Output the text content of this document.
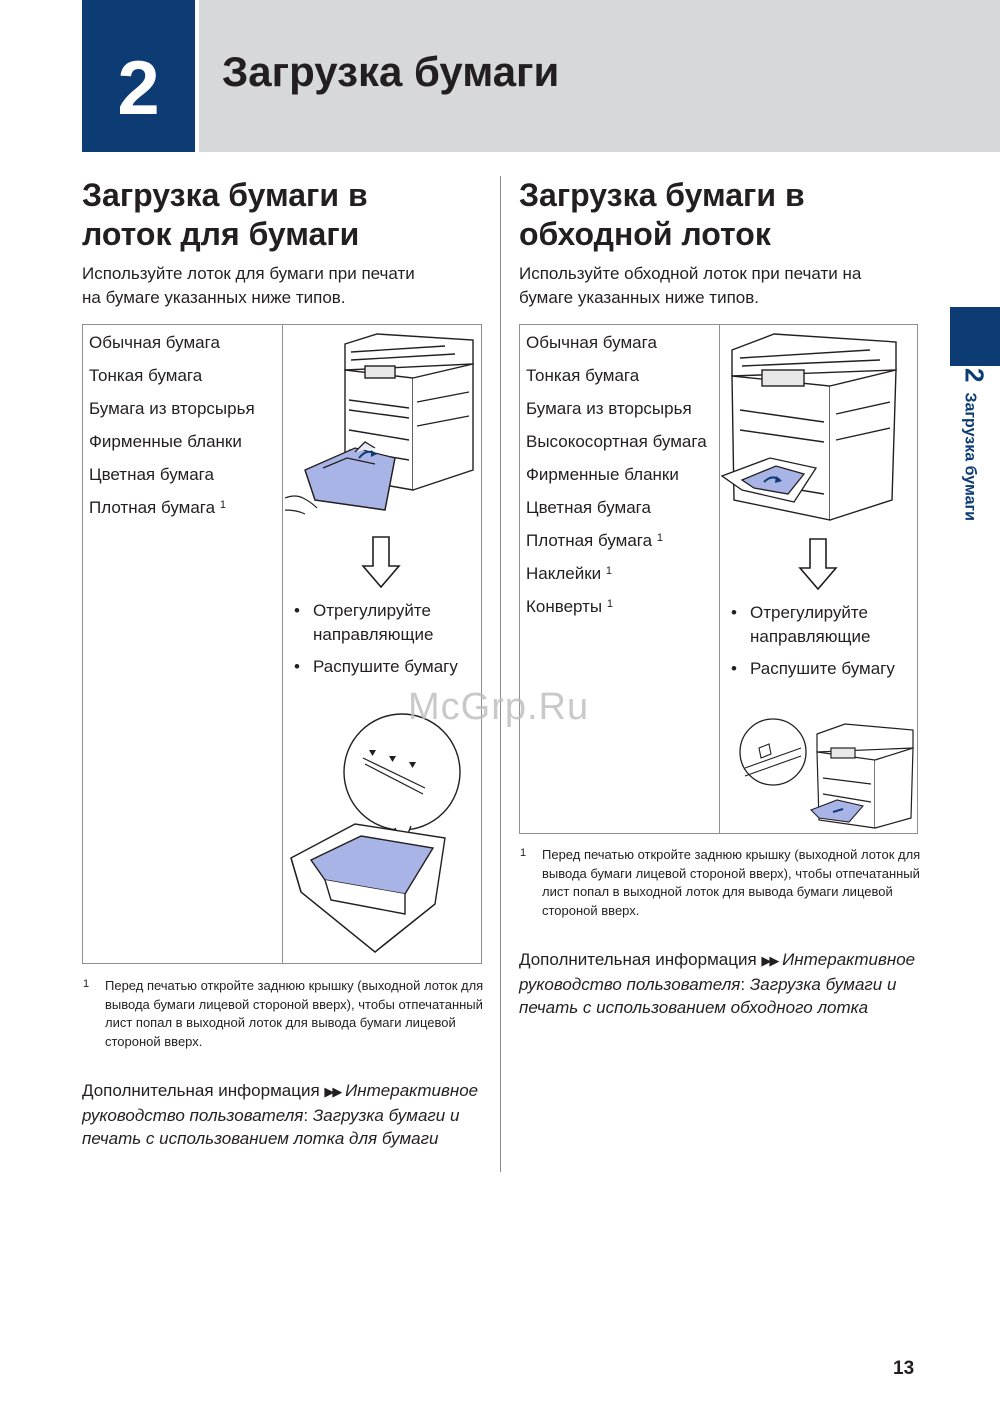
2	Загрузка бумаги
Загрузка бумаги в
лоток для бумаги
Используйте лоток для бумаги при печати
на бумаге указанных ниже типов.
Обычная бумага
Тонкая бумага
Бумага из вторсырья
Фирменные бланки
Цветная бумага
Плотная бумага $^1$
• Отрегулируйте направляющие
• Распушите бумагу
1 Перед печатью откройте заднюю крышку (выходной лоток для вывода бумаги лицевой стороной вверх), чтобы отпечатанный лист попал в выходной лоток для вывода бумаги лицевой стороной вверх.
Дополнительная информация ▶▶ Интерактивное руководство пользователя: Загрузка бумаги и печать с использованием лотка для бумаги
Загрузка бумаги в
обходной лоток
Используйте обходной лоток при печати на
бумаге указанных ниже типов.
Обычная бумага
Тонкая бумага
Бумага из вторсырья
Высокосортная бумага
Фирменные бланки
Цветная бумага
Плотная бумага $^1$
Наклейки $^1$
Конверты $^1$	• Отрегулируйте направляющие
• Распушите бумагу
1 Перед печатью откройте заднюю крышку (выходной лоток для вывода бумаги лицевой стороной вверх), чтобы отпечатанный лист попал в выходной лоток для вывода бумаги лицевой стороной вверх.
Дополнительная информация ▶▶ Интерактивное руководство пользователя: Загрузка бумаги и печать с использованием обходного лотка
2Загрузка бумаги
McGrp.Ru
13
